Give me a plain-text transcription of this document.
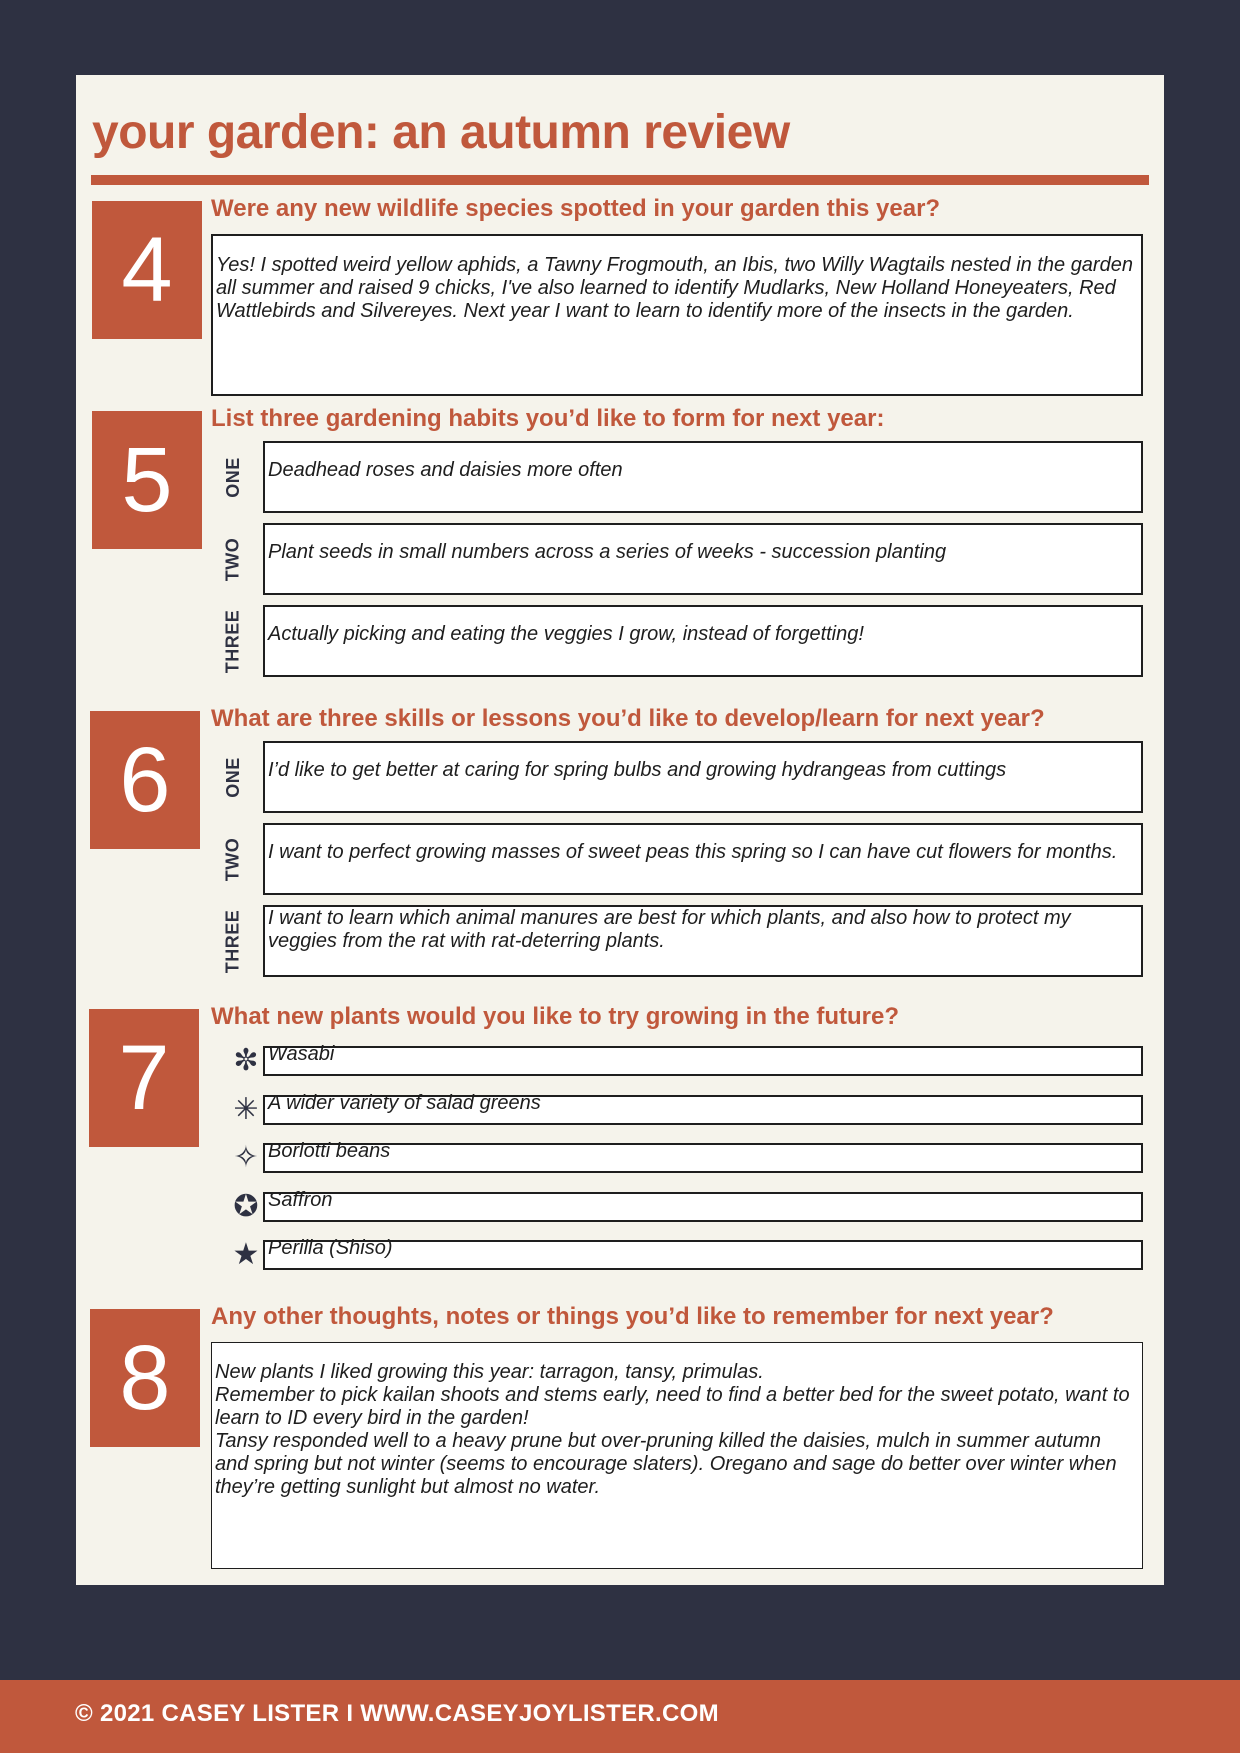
your garden: an autumn review
4
Were any new wildlife species spotted in your garden this year?
Yes! I spotted weird yellow aphids, a Tawny Frogmouth, an Ibis, two Willy Wagtails nested in the garden all summer and raised 9 chicks, I've also learned to identify Mudlarks, New Holland Honeyeaters, Red Wattlebirds and Silvereyes. Next year I want to learn to identify more of the insects in the garden.
5
List three gardening habits you’d like to form for next year:
ONE Deadhead roses and daisies more often
TWO Plant seeds in small numbers across a series of weeks - succession planting
THREE Actually picking and eating the veggies I grow, instead of forgetting!
6
What are three skills or lessons you’d like to develop/learn for next year?
ONE I’d like to get better at caring for spring bulbs and growing hydrangeas from cuttings
TWO I want to perfect growing masses of sweet peas this spring so I can have cut flowers for months.
THREE I want to learn which animal manures are best for which plants, and also how to protect my veggies from the rat with rat-deterring plants.
7
What new plants would you like to try growing in the future?
✼ Wasabi
✳ A wider variety of salad greens
✧ Borlotti beans
✪ Saffron
★ Perilla (Shiso)
8
Any other thoughts, notes or things you’d like to remember for next year?
New plants I liked growing this year: tarragon, tansy, primulas.
Remember to pick kailan shoots and stems early, need to find a better bed for the sweet potato, want to learn to ID every bird in the garden!
Tansy responded well to a heavy prune but over-pruning killed the daisies, mulch in summer autumn and spring but not winter (seems to encourage slaters). Oregano and sage do better over winter when they’re getting sunlight but almost no water.
© 2021 CASEY LISTER I WWW.CASEYJOYLISTER.COM
